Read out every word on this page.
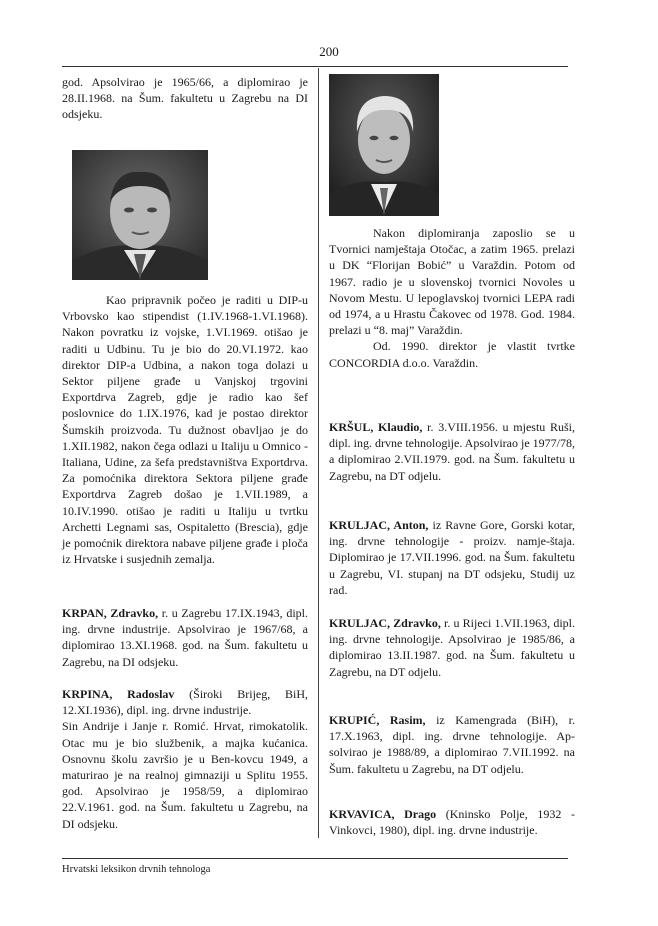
200

god. Apsolvirao je 1965/66, a diplomirao je 28.II.1968. na Šum. fakultetu u Zagrebu na DI odsjeku.

Kao pripravnik počeo je raditi u DIP-u Vrbovsko kao stipendist (1.IV.1968-1.VI.1968). Nakon povratku iz vojske, 1.VI.1969. otišao je raditi u Udbinu. Tu je bio do 20.VI.1972. kao direktor DIP-a Udbina, a nakon toga dolazi u Sektor piljene građe u Vanjskoj trgovini Exportdrva Zagreb, gdje je radio kao šef poslovnice do 1.IX.1976, kad je postao direktor Šumskih proizvoda. Tu dužnost obavljao je do 1.XII.1982, nakon čega odlazi u Italiju u Omnico - Italiana, Udine, za šefa predstavništva Exportdrva. Za pomoćnika direktora Sektora piljene građe Exportdrva Zagreb došao je 1.VII.1989, a 10.IV.1990. otišao je raditi u Italiju u tvrtku Archetti Legnami sas, Ospitaletto (Brescia), gdje je pomoćnik direktora nabave piljene građe i ploča iz Hrvatske i susjednih zemalja.

KRPAN, Zdravko, r. u Zagrebu 17.IX.1943, dipl. ing. drvne industrije. Apsolvirao je 1967/68, a diplomirao 13.XI.1968. god. na Šum. fakultetu u Zagrebu, na DI odsjeku.

KRPINA, Radoslav (Široki Brijeg, BiH, 12.XI.1936), dipl. ing. drvne industrije.

Sin Andrije i Janje r. Romić. Hrvat, rimokatolik. Otac mu je bio službenik, a majka kućanica. Osnovnu školu završio je u Ben-kovcu 1949, a maturirao je na realnoj gimnaziji u Splitu 1955. god. Apsolvirao je 1958/59, a diplomirao 22.V.1961. god. na Šum. fakultetu u Zagrebu, na DI odsjeku.

Nakon diplomiranja zaposlio se u Tvornici namještaja Otočac, a zatim 1965. prelazi u DK “Florijan Bobić” u Varaždin. Potom od 1967. radio je u slovenskoj tvornici Novoles u Novom Mestu. U lepoglavskoj tvornici LEPA radi od 1974, a u Hrastu Čakovec od 1978. God. 1984. prelazi u “8. maj” Varaždin.

Od. 1990. direktor je vlastit tvrtke CONCORDIA d.o.o. Varaždin.

KRŠUL, Klaudio, r. 3.VIII.1956. u mjestu Ruši, dipl. ing. drvne tehnologije. Apsolvirao je 1977/78, a diplomirao 2.VII.1979. god. na Šum. fakultetu u Zagrebu, na DT odjelu.

KRULJAC, Anton, iz Ravne Gore, Gorski kotar, ing. drvne tehnologije - proizv. namje-štaja. Diplomirao je 17.VII.1996. god. na Šum. fakultetu u Zagrebu, VI. stupanj na DT odsjeku, Studij uz rad.

KRULJAC, Zdravko, r. u Rijeci 1.VII.1963, dipl. ing. drvne tehnologije. Apsolvirao je 1985/86, a diplomirao 13.II.1987. god. na Šum. fakultetu u Zagrebu, na DT odjelu.

KRUPIĆ, Rasim, iz Kamengrada (BiH), r. 17.X.1963, dipl. ing. drvne tehnologije. Ap-solvirao je 1988/89, a diplomirao 7.VII.1992. na Šum. fakultetu u Zagrebu, na DT odjelu.

KRVAVICA, Drago (Kninsko Polje, 1932 - Vinkovci, 1980), dipl. ing. drvne industrije.

Hrvatski leksikon drvnih tehnologa
